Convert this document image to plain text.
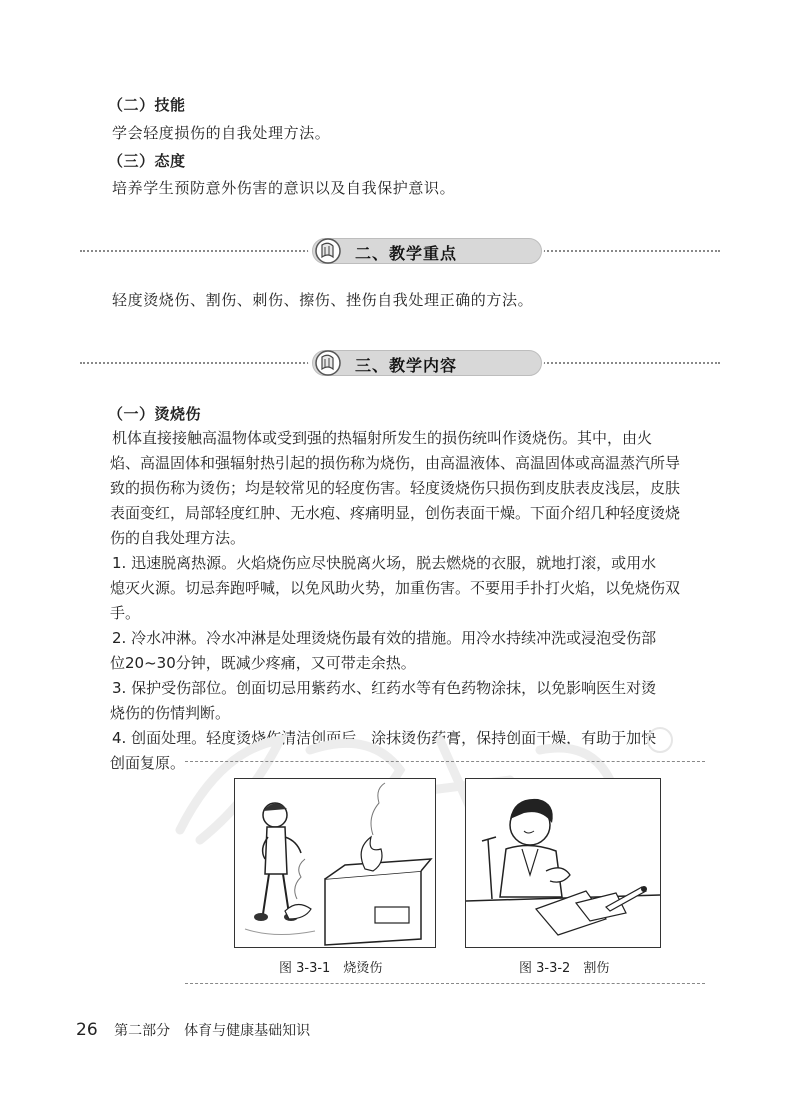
（二）技能
学会轻度损伤的自我处理方法。
（三）态度
培养学生预防意外伤害的意识以及自我保护意识。
二、教学重点
轻度烫烧伤、割伤、刺伤、擦伤、挫伤自我处理正确的方法。
三、教学内容
（一）烫烧伤

机体直接接触高温物体或受到强的热辐射所发生的损伤统叫作烫烧伤。其中，由火

焰、高温固体和强辐射热引起的损伤称为烧伤，由高温液体、高温固体或高温蒸汽所导

致的损伤称为烫伤；均是较常见的轻度伤害。轻度烫烧伤只损伤到皮肤表皮浅层，皮肤

表面变红，局部轻度红肿、无水疱、疼痛明显，创伤表面干燥。下面介绍几种轻度烫烧

伤的自我处理方法。

1. 迅速脱离热源。火焰烧伤应尽快脱离火场，脱去燃烧的衣服，就地打滚，或用水

熄灭火源。切忌奔跑呼喊，以免风助火势，加重伤害。不要用手扑打火焰，以免烧伤双手。

2. 冷水冲淋。冷水冲淋是处理烫烧伤最有效的措施。用冷水持续冲洗或浸泡受伤部

位20~30分钟，既减少疼痛，又可带走余热。

3. 保护受伤部位。创面切忌用紫药水、红药水等有色药物涂抹，以免影响医生对烫

烧伤的伤情判断。

4. 创面处理。轻度烫烧伤清洁创面后，涂抹烫伤药膏，保持创面干燥，有助于加快

创面复原。

图 3-3-1　烧烫伤	图 3-3-2　割伤
26 第二部分　体育与健康基础知识
